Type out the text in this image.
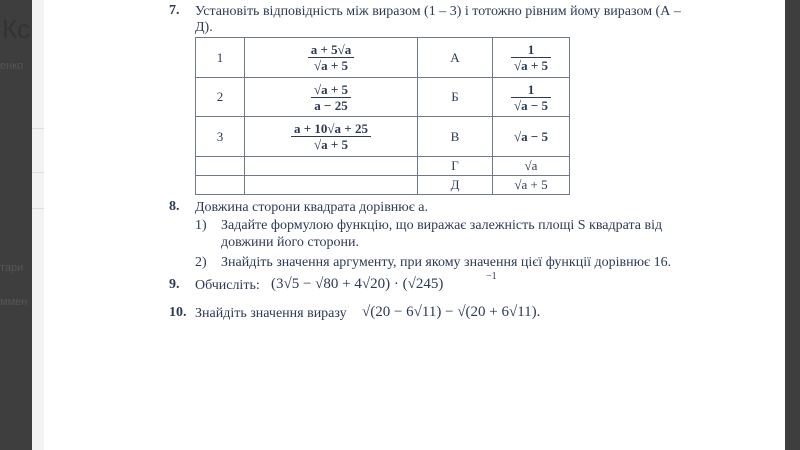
Кс
енко
тари
ммен
7. Установіть відповідність між виразом (1 – 3) і тотожно рівним йому виразом (А –
Д).
1	$\frac{a + 5√a}{√a + 5}$	А	$\frac{1}{√a + 5}$

2	$\frac{√a + 5}{a - 25}$	Б	$\frac{1}{√a - 5}$

3	$\frac{a + 10√a + 25}{√a + 5}$	В	√a − 5
		Г	√a
		Д	√a + 5
8. Довжина сторони квадрата дорівнює a.
1) Задайте формулою функцію, що виражає залежність площі S квадрата від
довжини його сторони.
2) Знайдіть значення аргументу, при якому значення цієї функції дорівнює 16.
9. Обчисліть: (3√5 − √80 + 4√20) · (√245)	−1
10. Знайдіть значення виразу √(20 − 6√11) − √(20 + 6√11).
